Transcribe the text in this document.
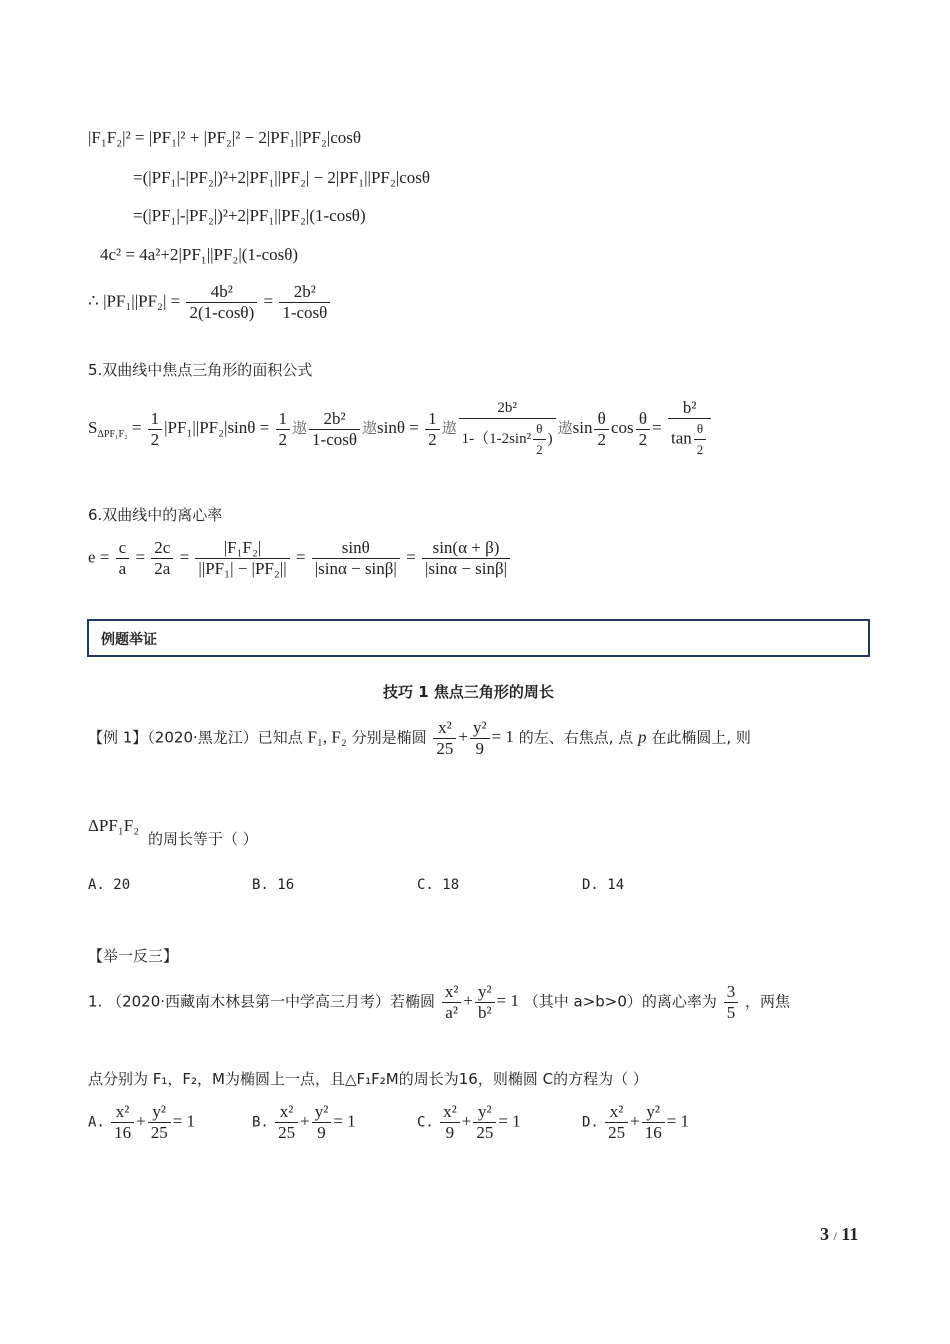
|F₁F₂|² = |PF₁|² + |PF₂|² − 2|PF₁||PF₂|cosθ
=(|PF₁|-|PF₂|)²+2|PF₁||PF₂| − 2|PF₁||PF₂|cosθ
=(|PF₁|-|PF₂|)²+2|PF₁||PF₂|(1-cosθ)
4c² = 4a²+2|PF₁||PF₂|(1-cosθ)
∴ $|PF_1||PF_2| = \frac{\text{4b²}}{2(1-\cos\theta)} = \frac{\text{2b²}}{1-\cos\theta}$
5.双曲线中焦点三角形的面积公式
$S_{\Delta PF_1F_2} = \frac{1}{2} |PF_1||PF_2|\sin\theta = \frac{1}{2}$ 遨 $\frac{\text{2b²}}{1-\cos\theta}$ 遨$\sin\theta = \frac{1}{2}$ 遨 $\frac{\text{2b²}}{1-(1-2\sin^2 \frac{\theta}{2} )}$ 遨$\sin \frac{\theta}{2}$ $\cos \frac{\theta}{2} = \frac{\text{b²}}{\tan \frac{\theta}{2}}$
6.双曲线中的离心率
$e = \frac{c}{a} = \frac{2c}{2a} = \frac{\text{|F₁F₂|}}{\text{||PF₁| − |PF₂||}} = \frac{\sin\theta}{|\sin\alpha - \sin\beta|} = \frac{\sin(\alpha + \beta)}{|\sin\alpha - \sin\beta|}$
例题举证
技巧 1 焦点三角形的周长
【例 1】（2020·黑龙江）已知点 F₁, F₂ 分别是椭圆 $\frac{\text{x²}}{25} + \frac{\text{y²}}{9} = 1$ 的左、右焦点, 点 p 在此椭圆上, 则
ΔPF₁F₂
的周长等于（ ）
A. 20	B. 16	C. 18	D. 14
【举一反三】
1. （2020·西藏南木林县第一中学高三月考）若椭圆 $\frac{\text{x²}}{\text{a²}} + \frac{\text{y²}}{\text{b²}} = 1$ （其中 a>b>0）的离心率为 $\frac{3}{5}$ ，两焦
点分别为 F₁，F₂，M为椭圆上一点，且△F₁F₂M的周长为16，则椭圆 C的方程为（ ）
A. $\frac{\text{x²}}{16} + \frac{\text{y²}}{25} = 1$	B. $\frac{\text{x²}}{25} + \frac{\text{y²}}{9} = 1$	C. $\frac{\text{x²}}{9} + \frac{\text{y²}}{25} = 1$	D. $\frac{\text{x²}}{25} + \frac{\text{y²}}{16} = 1$
3 / 11
